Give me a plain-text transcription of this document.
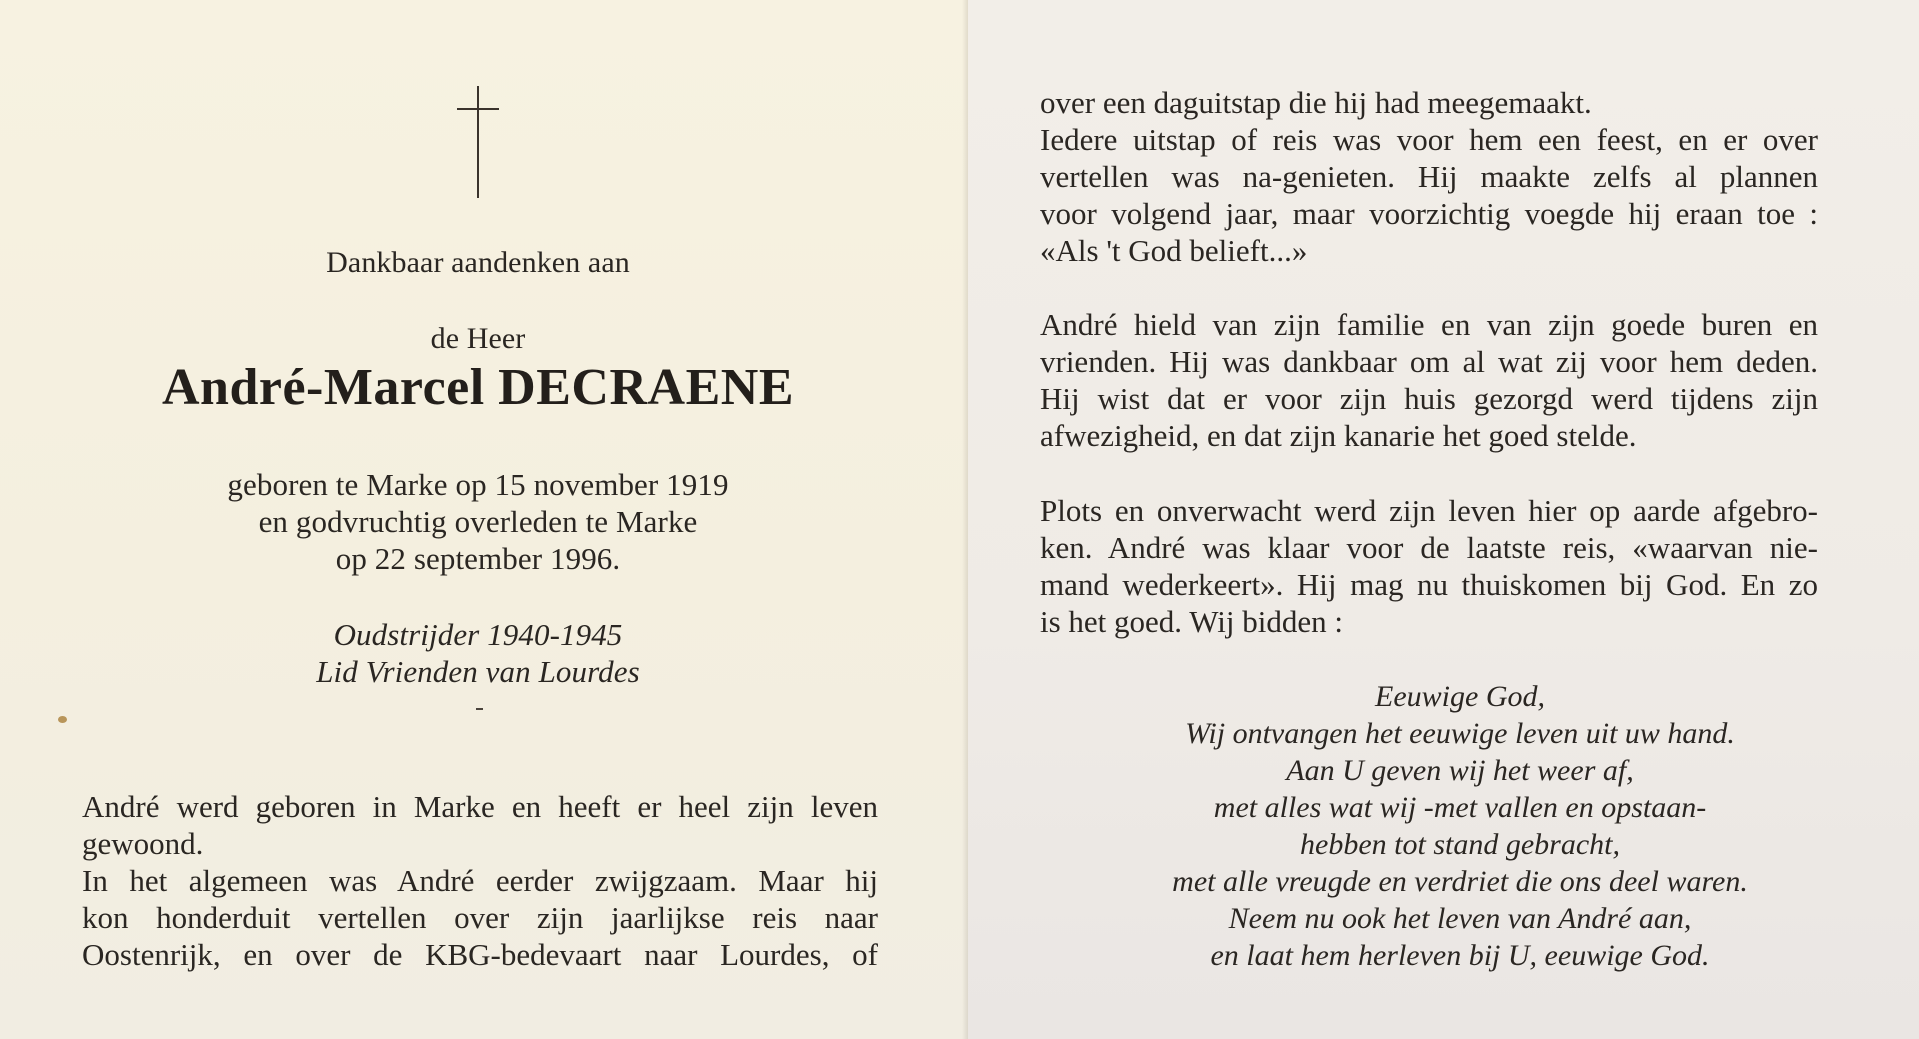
Dankbaar aandenken aan
de Heer
André-Marcel DECRAENE
geboren te Marke op 15 november 1919
en godvruchtig overleden te Marke
op 22 september 1996.
Oudstrijder 1940-1945
Lid Vrienden van Lourdes
André werd geboren in Marke en heeft er heel zijn leven
gewoond.
In het algemeen was André eerder zwijgzaam. Maar hij
kon honderduit vertellen over zijn jaarlijkse reis naar
Oostenrijk, en over de KBG-bedevaart naar Lourdes, of
over een daguitstap die hij had meegemaakt.
Iedere uitstap of reis was voor hem een feest, en er over
vertellen was na-genieten. Hij maakte zelfs al plannen
voor volgend jaar, maar voorzichtig voegde hij eraan toe :
«Als 't God belieft...»
André hield van zijn familie en van zijn goede buren en
vrienden. Hij was dankbaar om al wat zij voor hem deden.
Hij wist dat er voor zijn huis gezorgd werd tijdens zijn
afwezigheid, en dat zijn kanarie het goed stelde.
Plots en onverwacht werd zijn leven hier op aarde afgebro-
ken. André was klaar voor de laatste reis, «waarvan nie-
mand wederkeert». Hij mag nu thuiskomen bij God. En zo
is het goed. Wij bidden :
Eeuwige God,
Wij ontvangen het eeuwige leven uit uw hand.
Aan U geven wij het weer af,
met alles wat wij -met vallen en opstaan-
hebben tot stand gebracht,
met alle vreugde en verdriet die ons deel waren.
Neem nu ook het leven van André aan,
en laat hem herleven bij U, eeuwige God.
